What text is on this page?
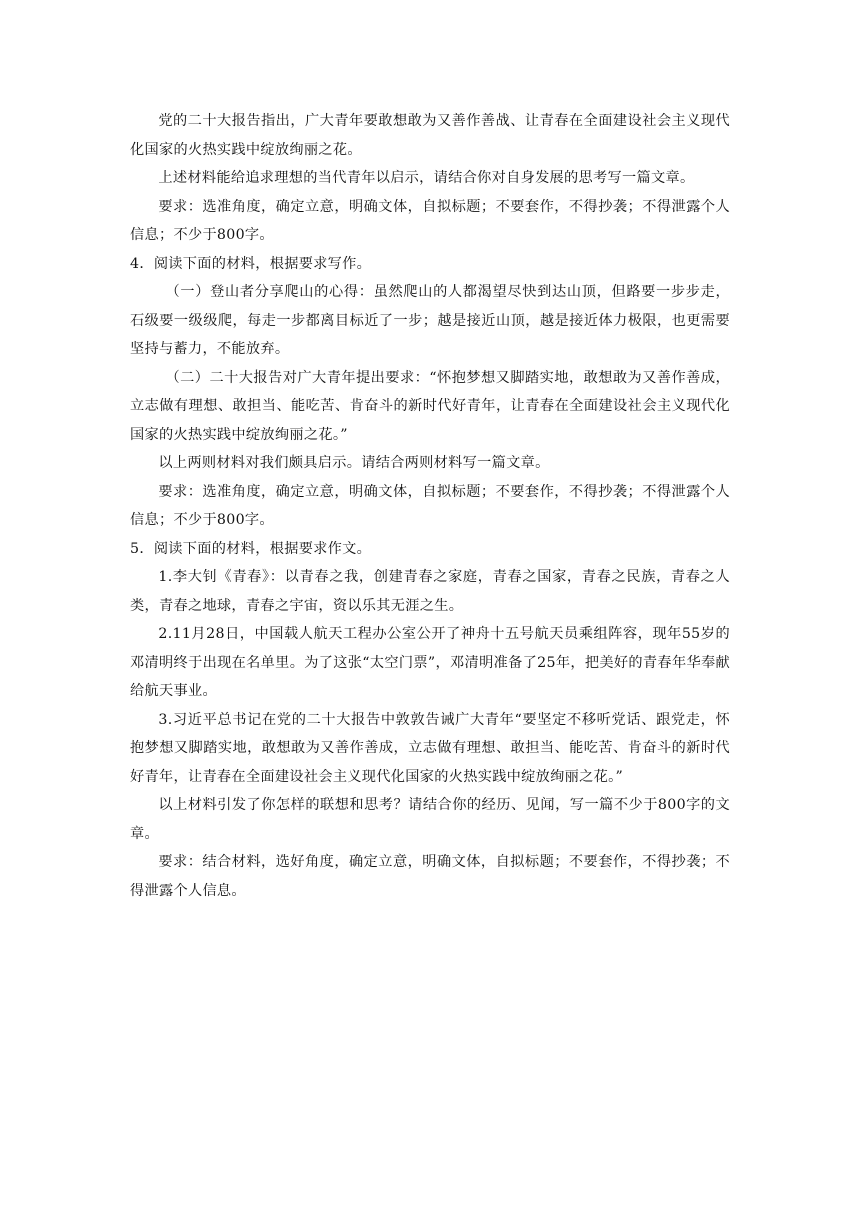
党的二十大报告指出，广大青年要敢想敢为又善作善战、让青春在全面建设社会主义现代化国家的火热实践中绽放绚丽之花。

上述材料能给追求理想的当代青年以启示，请结合你对自身发展的思考写一篇文章。

要求：选准角度，确定立意，明确文体，自拟标题；不要套作，不得抄袭；不得泄露个人信息；不少于800字。

4．阅读下面的材料，根据要求写作。

（一）登山者分享爬山的心得：虽然爬山的人都渴望尽快到达山顶，但路要一步步走，石级要一级级爬，每走一步都离目标近了一步；越是接近山顶，越是接近体力极限，也更需要坚持与蓄力，不能放弃。

（二）二十大报告对广大青年提出要求：“怀抱梦想又脚踏实地，敢想敢为又善作善成，立志做有理想、敢担当、能吃苦、肯奋斗的新时代好青年，让青春在全面建设社会主义现代化国家的火热实践中绽放绚丽之花。”

以上两则材料对我们颇具启示。请结合两则材料写一篇文章。

要求：选准角度，确定立意，明确文体，自拟标题；不要套作，不得抄袭；不得泄露个人信息；不少于800字。

5．阅读下面的材料，根据要求作文。

1.李大钊《青春》：以青春之我，创建青春之家庭，青春之国家，青春之民族，青春之人类，青春之地球，青春之宇宙，资以乐其无涯之生。

2.11月28日，中国载人航天工程办公室公开了神舟十五号航天员乘组阵容，现年55岁的邓清明终于出现在名单里。为了这张“太空门票”，邓清明准备了25年，把美好的青春年华奉献给航天事业。

3.习近平总书记在党的二十大报告中敦敦告诫广大青年“要坚定不移听党话、跟党走，怀抱梦想又脚踏实地，敢想敢为又善作善成，立志做有理想、敢担当、能吃苦、肯奋斗的新时代好青年，让青春在全面建设社会主义现代化国家的火热实践中绽放绚丽之花。”

以上材料引发了你怎样的联想和思考？请结合你的经历、见闻，写一篇不少于800字的文章。

要求：结合材料，选好角度，确定立意，明确文体，自拟标题；不要套作，不得抄袭；不得泄露个人信息。
